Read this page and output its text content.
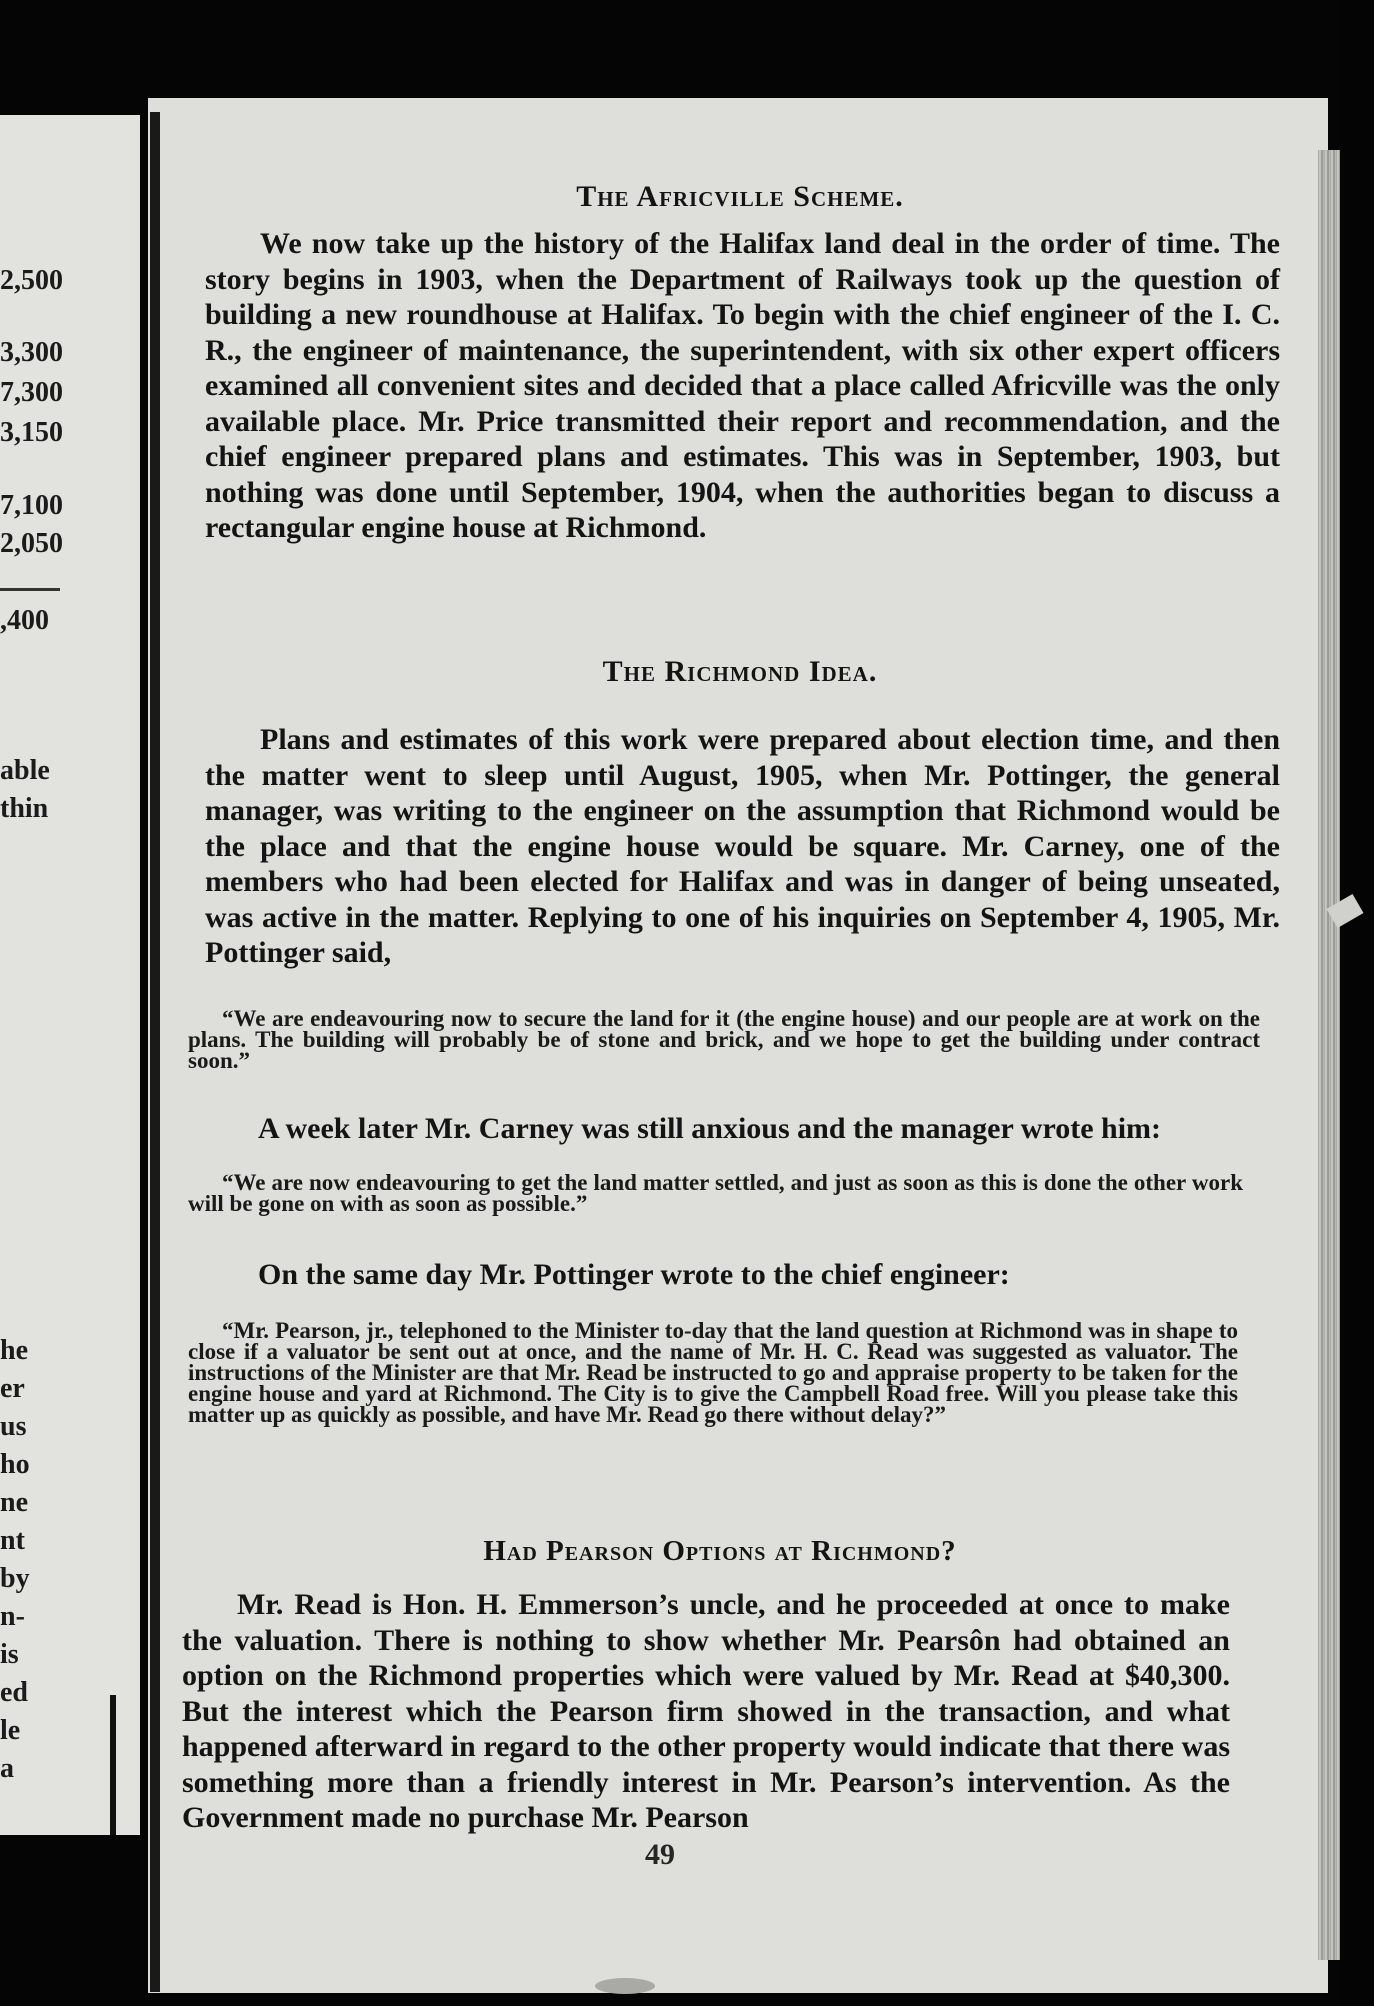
2,500
3,300
7,300
3,150
7,100
2,050
,400
able
thin
he
er
us
ho
ne
nt
by
n-
is
ed
le
a
The Africville Scheme.

We now take up the history of the Halifax land deal in the order of time. The story begins in 1903, when the Department of Railways took up the question of building a new roundhouse at Halifax. To begin with the chief engineer of the I. C. R., the engineer of maintenance, the superintendent, with six other expert officers examined all convenient sites and decided that a place called Africville was the only available place. Mr. Price transmitted their report and recommendation, and the chief engineer prepared plans and estimates. This was in September, 1903, but nothing was done until September, 1904, when the authorities began to discuss a rectangular engine house at Richmond.

The Richmond Idea.

Plans and estimates of this work were prepared about election time, and then the matter went to sleep until August, 1905, when Mr. Pottinger, the general manager, was writing to the engineer on the assumption that Richmond would be the place and that the engine house would be square. Mr. Carney, one of the members who had been elected for Halifax and was in danger of being unseated, was active in the matter. Replying to one of his inquiries on September 4, 1905, Mr. Pottinger said,

“We are endeavouring now to secure the land for it (the engine house) and our people are at work on the plans. The building will probably be of stone and brick, and we hope to get the building under contract soon.”

A week later Mr. Carney was still anxious and the manager wrote him:

“We are now endeavouring to get the land matter settled, and just as soon as this is done the other work will be gone on with as soon as possible.”

On the same day Mr. Pottinger wrote to the chief engineer:

“Mr. Pearson, jr., telephoned to the Minister to-day that the land question at Richmond was in shape to close if a valuator be sent out at once, and the name of Mr. H. C. Read was suggested as valuator. The instructions of the Minister are that Mr. Read be instructed to go and appraise property to be taken for the engine house and yard at Richmond. The City is to give the Campbell Road free. Will you please take this matter up as quickly as possible, and have Mr. Read go there without delay?”

Had Pearson Options at Richmond?

Mr. Read is Hon. H. Emmerson’s uncle, and he proceeded at once to make the valuation. There is nothing to show whether Mr. Pearsôn had obtained an option on the Richmond properties which were valued by Mr. Read at $40,300. But the interest which the Pearson firm showed in the transaction, and what happened afterward in regard to the other property would indicate that there was something more than a friendly interest in Mr. Pearson’s intervention. As the Government made no purchase Mr. Pearson

49
